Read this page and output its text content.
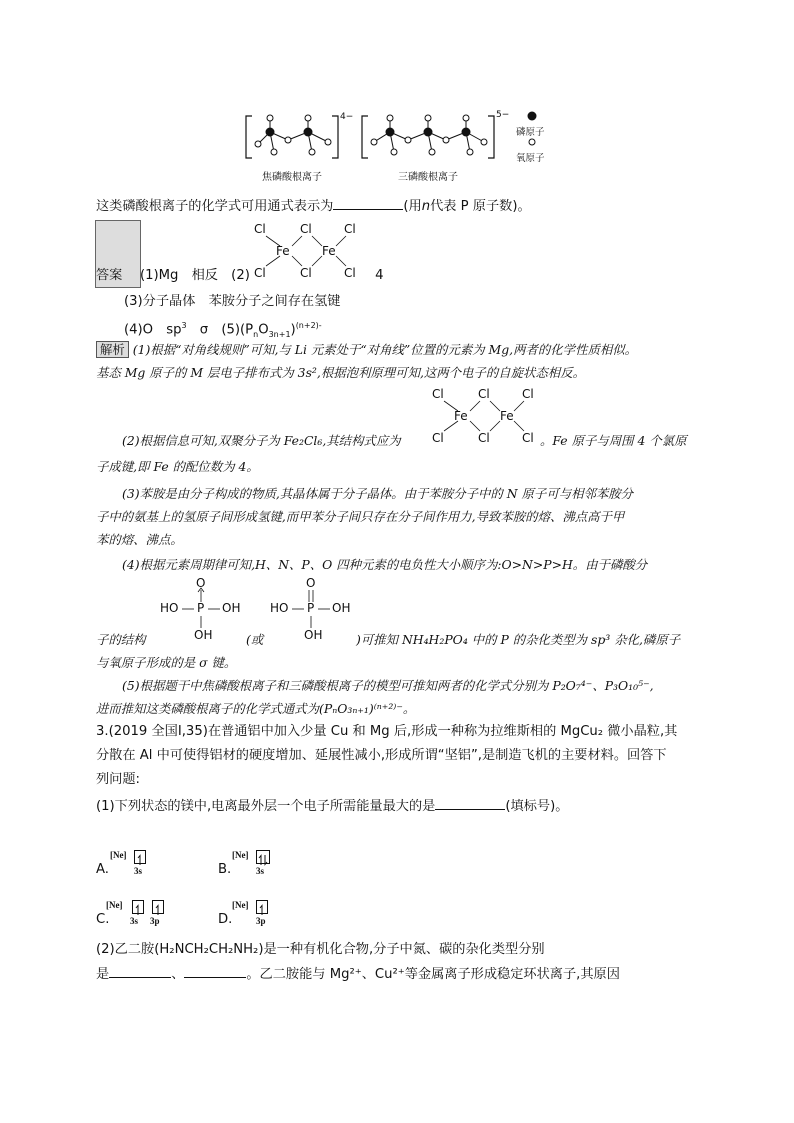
4−	5−
焦磷酸根离子	三磷酸根离子
磷原子
氧原子
这类磷酸根离子的化学式可用通式表示为	(用n代表 P 原子数)。
答案
Cl	Cl	Cl
Fe	Fe
Cl	Cl	Cl
(1)Mg　相反　(2)	　4
(3)分子晶体　苯胺分子之间存在氢键
(4)O　$sp^3$　σ　$(5)(P_nO_{3n+1})^{(n+2)-}$
解析 (1)根据“对角线规则”可知,与 Li 元素处于“对角线”位置的元素为 Mg,两者的化学性质相似。
基态 Mg 原子的 M 层电子排布式为 3s²,根据泡利原理可知,这两个电子的自旋状态相反。
Cl	Cl	Cl
Fe	Fe
Cl	Cl	Cl
(2)根据信息可知,双聚分子为 Fe₂Cl₆,其结构式应为	。Fe 原子与周围 4 个氯原
子成键,即 Fe 的配位数为 4。
(3)苯胺是由分子构成的物质,其晶体属于分子晶体。由于苯胺分子中的 N 原子可与相邻苯胺分
子中的氨基上的氢原子间形成氢键,而甲苯分子间只存在分子间作用力,导致苯胺的熔、沸点高于甲
苯的熔、沸点。
(4)根据元素周期律可知,H、N、P、O 四种元素的电负性大小顺序为:O>N>P>H。由于磷酸分
O
HO P OH
OH
O
HO P OH
OH
子的结构	(或	)可推知 NH₄H₂PO₄ 中的 P 的杂化类型为 sp³ 杂化,磷原子
与氧原子形成的是 σ 键。
(5)根据题干中焦磷酸根离子和三磷酸根离子的模型可推知两者的化学式分别为 P₂O₇⁴⁻、P₃O₁₀⁵⁻,
进而推知这类磷酸根离子的化学式通式为(PₙO₃ₙ₊₁)⁽ⁿ⁺²⁾⁻。
3.(2019 全国Ⅰ,35)在普通铝中加入少量 Cu 和 Mg 后,形成一种称为拉维斯相的 MgCu₂ 微小晶粒,其
分散在 Al 中可使得铝材的硬度增加、延展性减小,形成所谓“坚铝”,是制造飞机的主要材料。回答下
列问题:
(1)下列状态的镁中,电离最外层一个电子所需能量最大的是	(填标号)。
A.
[Ne]
3s	B.
[Ne]
3s
C.
[Ne]
3s 3p	D.
[Ne]
3p
(2)乙二胺(H₂NCH₂CH₂NH₂)是一种有机化合物,分子中氮、碳的杂化类型分别
是	、	。乙二胺能与 Mg²⁺、Cu²⁺等金属离子形成稳定环状离子,其原因
